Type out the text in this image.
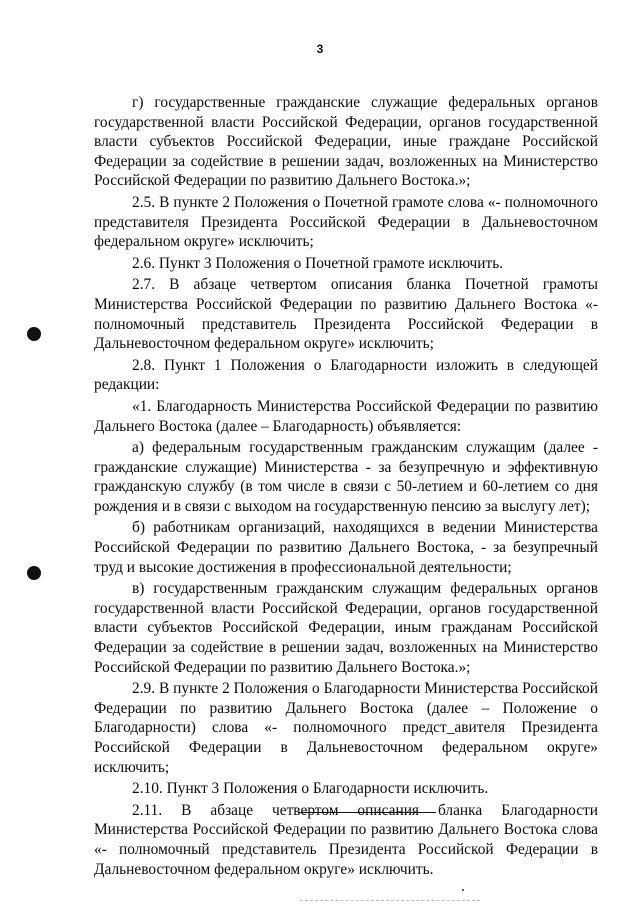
3

г) государственные гражданские служащие федеральных органов государственной власти Российской Федерации, органов государственной власти субъектов Российской Федерации, иные граждане Российской Федерации за содействие в решении задач, возложенных на Министерство Российской Федерации по развитию Дальнего Востока.»;

2.5. В пункте 2 Положения о Почетной грамоте слова «- полномочного представителя Президента Российской Федерации в Дальневосточном федеральном округе» исключить;

2.6. Пункт 3 Положения о Почетной грамоте исключить.

2.7. В абзаце четвертом описания бланка Почетной грамоты Министерства Российской Федерации по развитию Дальнего Востока «- полномочный представитель Президента Российской Федерации в Дальневосточном федеральном округе» исключить;

2.8. Пункт 1 Положения о Благодарности изложить в следующей редакции:

«1. Благодарность Министерства Российской Федерации по развитию Дальнего Востока (далее – Благодарность) объявляется:

а) федеральным государственным гражданским служащим (далее - гражданские служащие) Министерства - за безупречную и эффективную гражданскую службу (в том числе в связи с 50-летием и 60-летием со дня рождения и в связи с выходом на государственную пенсию за выслугу лет);

б) работникам организаций, находящихся в ведении Министерства Российской Федерации по развитию Дальнего Востока, - за безупречный труд и высокие достижения в профессиональной деятельности;

в) государственным гражданским служащим федеральных органов государственной власти Российской Федерации, органов государственной власти субъектов Российской Федерации, иным гражданам Российской Федерации за содействие в решении задач, возложенных на Министерство Российской Федерации по развитию Дальнего Востока.»;

2.9. В пункте 2 Положения о Благодарности Министерства Российской Федерации по развитию Дальнего Востока (далее – Положение о Благодарности) слова «- полномочного предст_авителя Президента Российской Федерации в Дальневосточном федеральном округе» исключить;

2.10. Пункт 3 Положения о Благодарности исключить.

2.11. В абзаце четвертом описания бланка Благодарности Министерства Российской Федерации по развитию Дальнего Востока слова «- полномочный представитель Президента Российской Федерации в Дальневосточном федеральном округе» исключить.
